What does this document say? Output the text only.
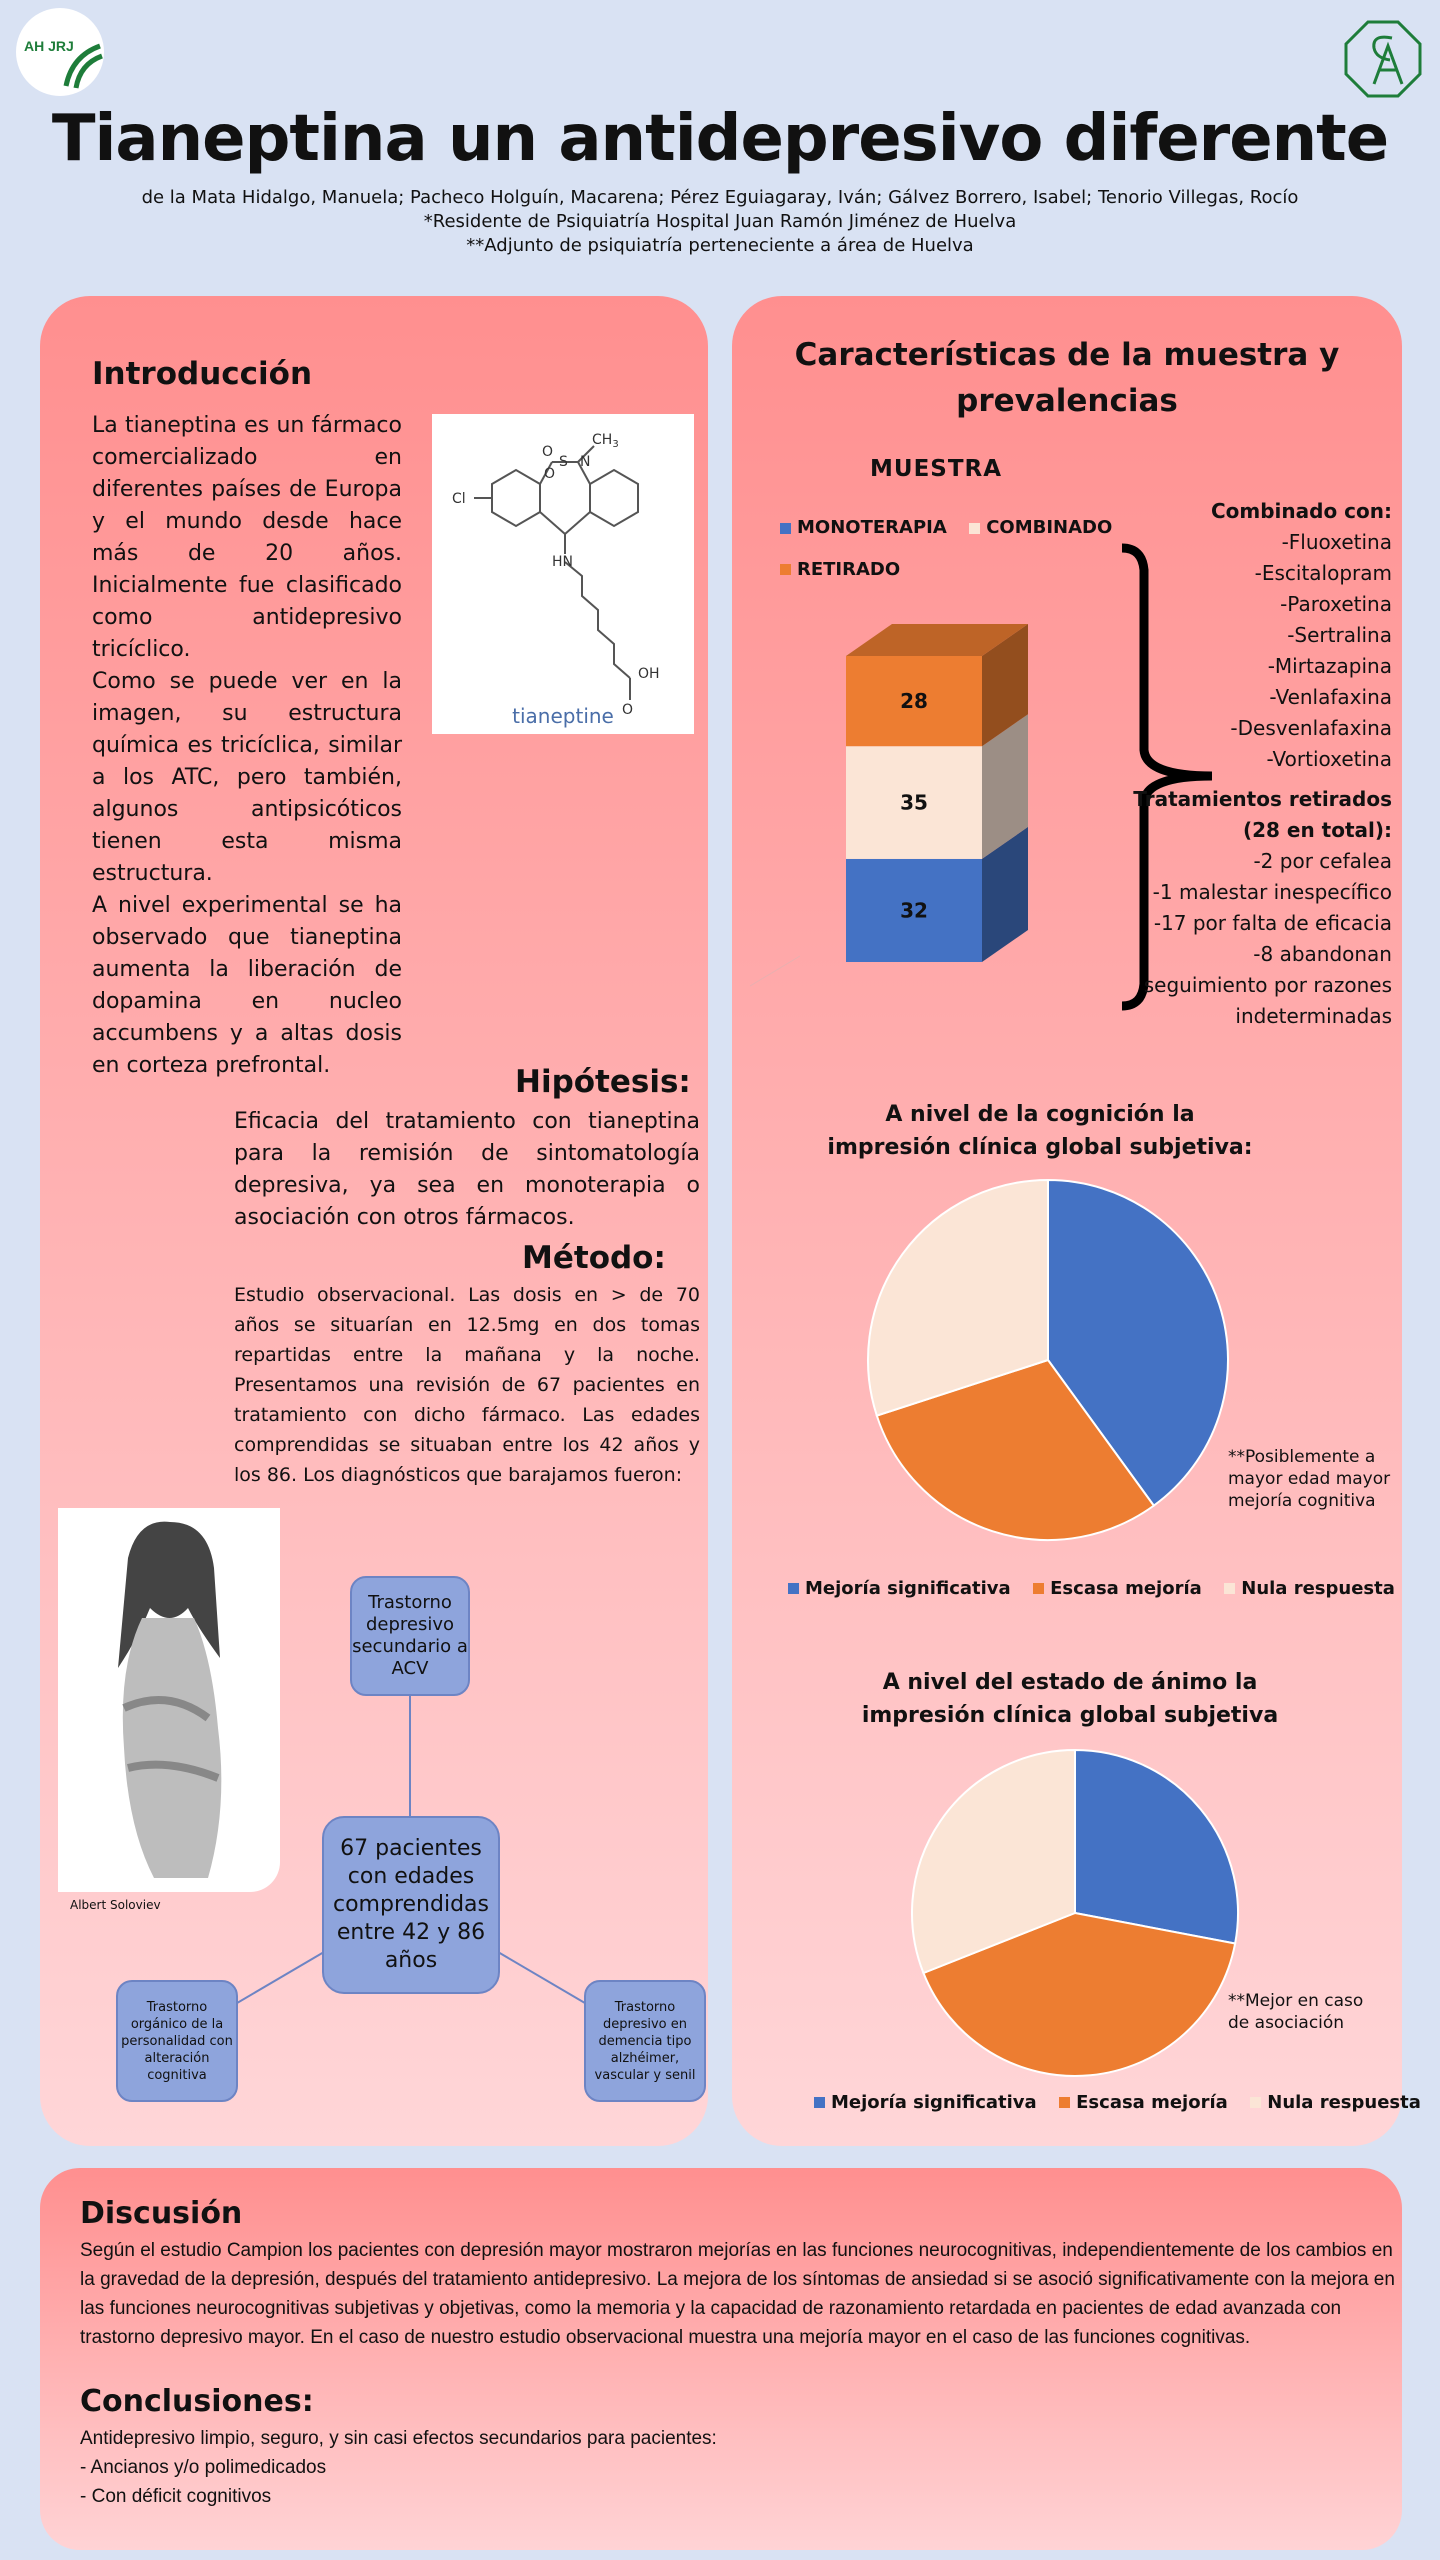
AH JRJ
Tianeptina un antidepresivo diferente
de la Mata Hidalgo, Manuela; Pacheco Holguín, Macarena; Pérez Eguiagaray, Iván; Gálvez Borrero, Isabel; Tenorio Villegas, Rocío
*Residente de Psiquiatría Hospital Juan Ramón Jiménez de Huelva
**Adjunto de psiquiatría perteneciente a área de Huelva
Introducción

La tianeptina es un fármaco comercializado en diferentes países de Europa y el mundo desde hace más de 20 años. Inicialmente fue clasificado como antidepresivo tricíclico.

Como se puede ver en la imagen, su estructura química es tricíclica, similar a los ATC, pero también, algunos antipsicóticos tienen esta misma estructura.

A nivel experimental se ha observado que tianeptina aumenta la liberación de dopamina en nucleo accumbens y a altas dosis en corteza prefrontal.

O
O
S N
$CH_3$
Cl
HN
OH
O
tianeptine
Hipótesis:
Eficacia del tratamiento con tianeptina para la remisión de sintomatología depresiva, ya sea en monoterapia o asociación con otros fármacos.
Método:
Estudio observacional. Las dosis en > de 70 años se situarían en 12.5mg en dos tomas repartidas entre la mañana y la noche. Presentamos una revisión de 67 pacientes en tratamiento con dicho fármaco. Las edades comprendidas se situaban entre los 42 años y los 86. Los diagnósticos que barajamos fueron:
Albert Soloviev
Trastorno depresivo secundario a ACV
67 pacientes con edades comprendidas entre 42 y 86 años
Trastorno orgánico de la personalidad con alteración cognitiva
Trastorno depresivo en demencia tipo alzhéimer, vascular y senil
Características de la muestra y
prevalencias
MUESTRA
MONOTERAPIA
COMBINADO

RETIRADO
32
35
28
Combinado con:
-Fluoxetina
-Escitalopram
-Paroxetina
-Sertralina
-Mirtazapina
-Venlafaxina
-Desvenlafaxina
-Vortioxetina
Tratamientos retirados
(28 en total):
-2 por cefalea
-1 malestar inespecífico
-17 por falta de eficacia
-8 abandonan
seguimiento por razones
indeterminadas
A nivel de la cognición la impresión clínica global subjetiva:
**Posiblemente a
mayor edad mayor
mejoría cognitiva
Mejoría significativa
Escasa mejoría
Nula respuesta
A nivel del estado de ánimo la impresión clínica global subjetiva
**Mejor en caso
de asociación
Mejoría significativa
Escasa mejoría
Nula respuesta
Discusión
Según el estudio Campion los pacientes con depresión mayor mostraron mejorías en las funciones neurocognitivas, independientemente de los cambios en la gravedad de la depresión, después del tratamiento antidepresivo. La mejora de los síntomas de ansiedad si se asoció significativamente con la mejora en las funciones neurocognitivas subjetivas y objetivas, como la memoria y la capacidad de razonamiento retardada en pacientes de edad avanzada con trastorno depresivo mayor. En el caso de nuestro estudio observacional muestra una mejoría mayor en el caso de las funciones cognitivas.
Conclusiones:
Antidepresivo limpio, seguro, y sin casi efectos secundarios para pacientes:
- Ancianos y/o polimedicados
- Con déficit cognitivos
